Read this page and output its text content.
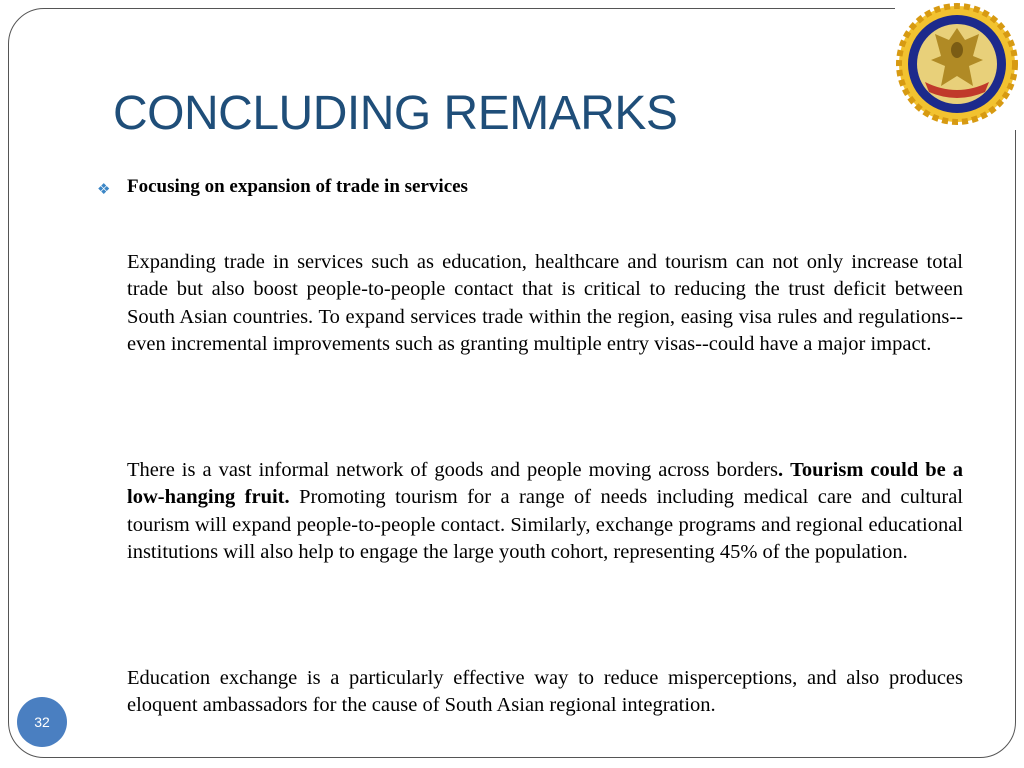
CONCLUDING REMARKS
❖ Focusing on expansion of trade in services

Expanding trade in services such as education, healthcare and tourism can not only increase total trade but also boost people-to-people contact that is critical to reducing the trust deficit between South Asian countries. To expand services trade within the region, easing visa rules and regulations--even incremental improvements such as granting multiple entry visas--could have a major impact.

There is a vast informal network of goods and people moving across borders. Tourism could be a low-hanging fruit. Promoting tourism for a range of needs including medical care and cultural tourism will expand people-to-people contact. Similarly, exchange programs and regional educational institutions will also help to engage the large youth cohort, representing 45% of the population.

Education exchange is a particularly effective way to reduce misperceptions, and also produces eloquent ambassadors for the cause of South Asian regional integration.

32
